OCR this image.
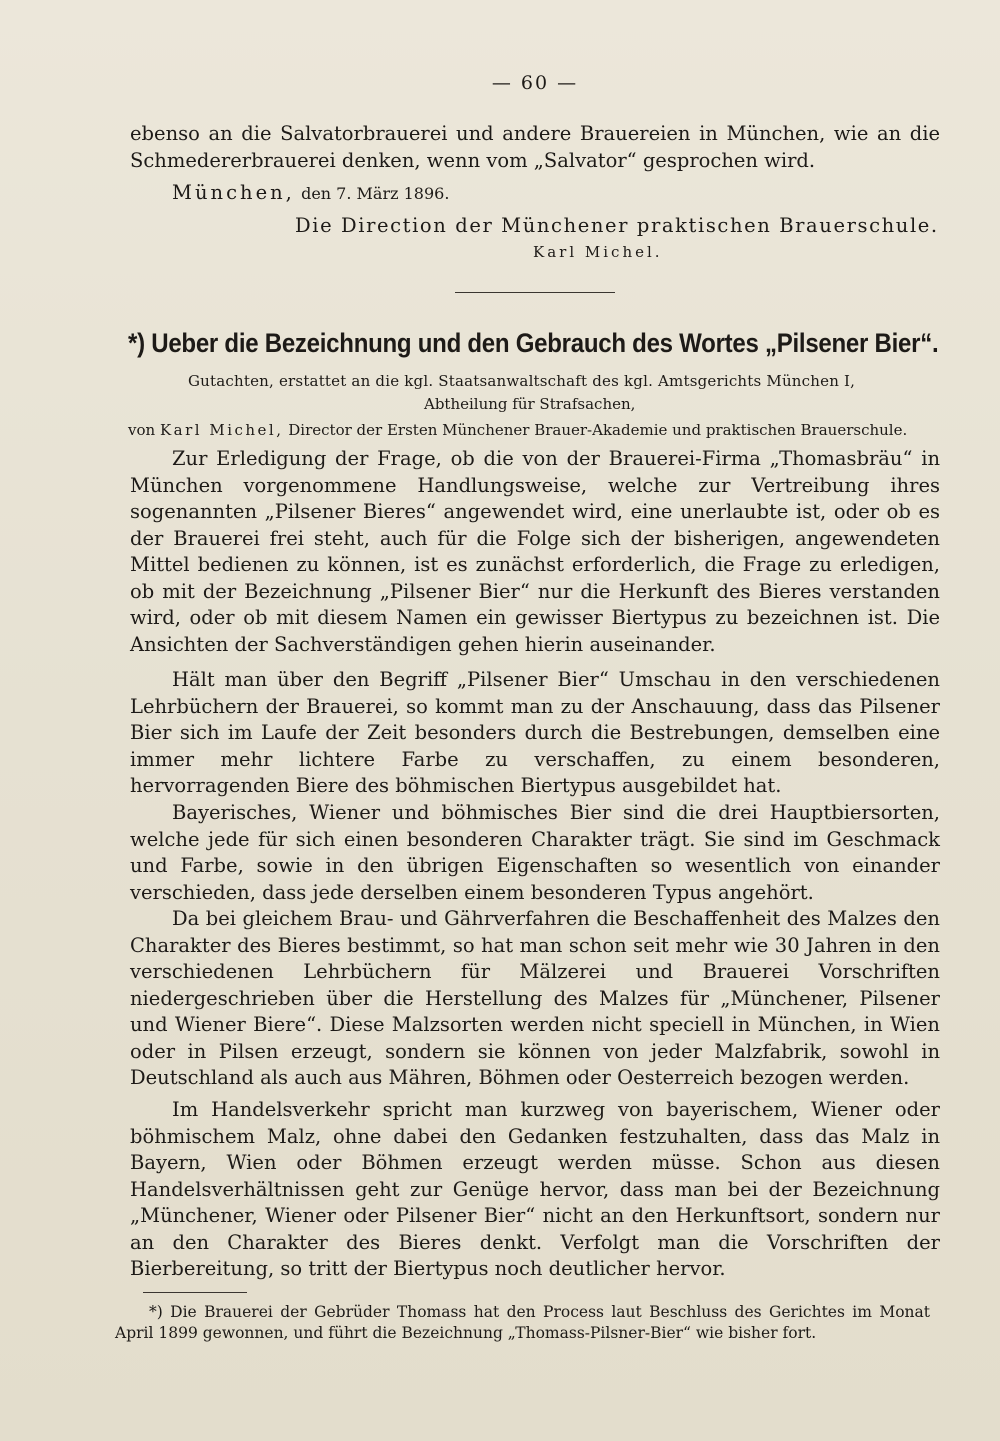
— 60 —

ebenso an die Salvatorbrauerei und andere Brauereien in München, wie an die Schmedererbrauerei denken, wenn vom „Salvator“ gesprochen wird.

München, den 7. März 1896.
Die Direction der Münchener praktischen Brauerschule.
Karl Michel.
*) Ueber die Bezeichnung und den Gebrauch des Wortes „Pilsener Bier“.
Gutachten, erstattet an die kgl. Staatsanwaltschaft des kgl. Amtsgerichts München I,
Abtheilung für Strafsachen,
von Karl Michel, Director der Ersten Münchener Brauer-Akademie und praktischen Brauerschule.

Zur Erledigung der Frage, ob die von der Brauerei-Firma „Thomasbräu“ in München vorgenommene Handlungsweise, welche zur Vertreibung ihres sogenannten „Pilsener Bieres“ angewendet wird, eine unerlaubte ist, oder ob es der Brauerei frei steht, auch für die Folge sich der bisherigen, angewendeten Mittel bedienen zu können, ist es zunächst erforderlich, die Frage zu erledigen, ob mit der Bezeichnung „Pilsener Bier“ nur die Herkunft des Bieres verstanden wird, oder ob mit diesem Namen ein gewisser Biertypus zu bezeichnen ist. Die Ansichten der Sachverständigen gehen hierin auseinander.

Hält man über den Begriff „Pilsener Bier“ Umschau in den verschiedenen Lehrbüchern der Brauerei, so kommt man zu der Anschauung, dass das Pilsener Bier sich im Laufe der Zeit besonders durch die Bestrebungen, demselben eine immer mehr lichtere Farbe zu verschaffen, zu einem besonderen, hervorragenden Biere des böhmischen Biertypus ausgebildet hat.

Bayerisches, Wiener und böhmisches Bier sind die drei Hauptbiersorten, welche jede für sich einen besonderen Charakter trägt. Sie sind im Geschmack und Farbe, sowie in den übrigen Eigenschaften so wesentlich von einander verschieden, dass jede derselben einem besonderen Typus angehört.

Da bei gleichem Brau- und Gährverfahren die Beschaffenheit des Malzes den Charakter des Bieres bestimmt, so hat man schon seit mehr wie 30 Jahren in den verschiedenen Lehrbüchern für Mälzerei und Brauerei Vorschriften niedergeschrieben über die Herstellung des Malzes für „Münchener, Pilsener und Wiener Biere“. Diese Malzsorten werden nicht speciell in München, in Wien oder in Pilsen erzeugt, sondern sie können von jeder Malzfabrik, sowohl in Deutschland als auch aus Mähren, Böhmen oder Oesterreich bezogen werden.

Im Handelsverkehr spricht man kurzweg von bayerischem, Wiener oder böhmischem Malz, ohne dabei den Gedanken festzuhalten, dass das Malz in Bayern, Wien oder Böhmen erzeugt werden müsse. Schon aus diesen Handelsverhältnissen geht zur Genüge hervor, dass man bei der Bezeichnung „Münchener, Wiener oder Pilsener Bier“ nicht an den Herkunftsort, sondern nur an den Charakter des Bieres denkt. Verfolgt man die Vorschriften der Bierbereitung, so tritt der Biertypus noch deutlicher hervor.

*) Die Brauerei der Gebrüder Thomass hat den Process laut Beschluss des Gerichtes im Monat April 1899 gewonnen, und führt die Bezeichnung „Thomass-Pilsner-Bier“ wie bisher fort.
